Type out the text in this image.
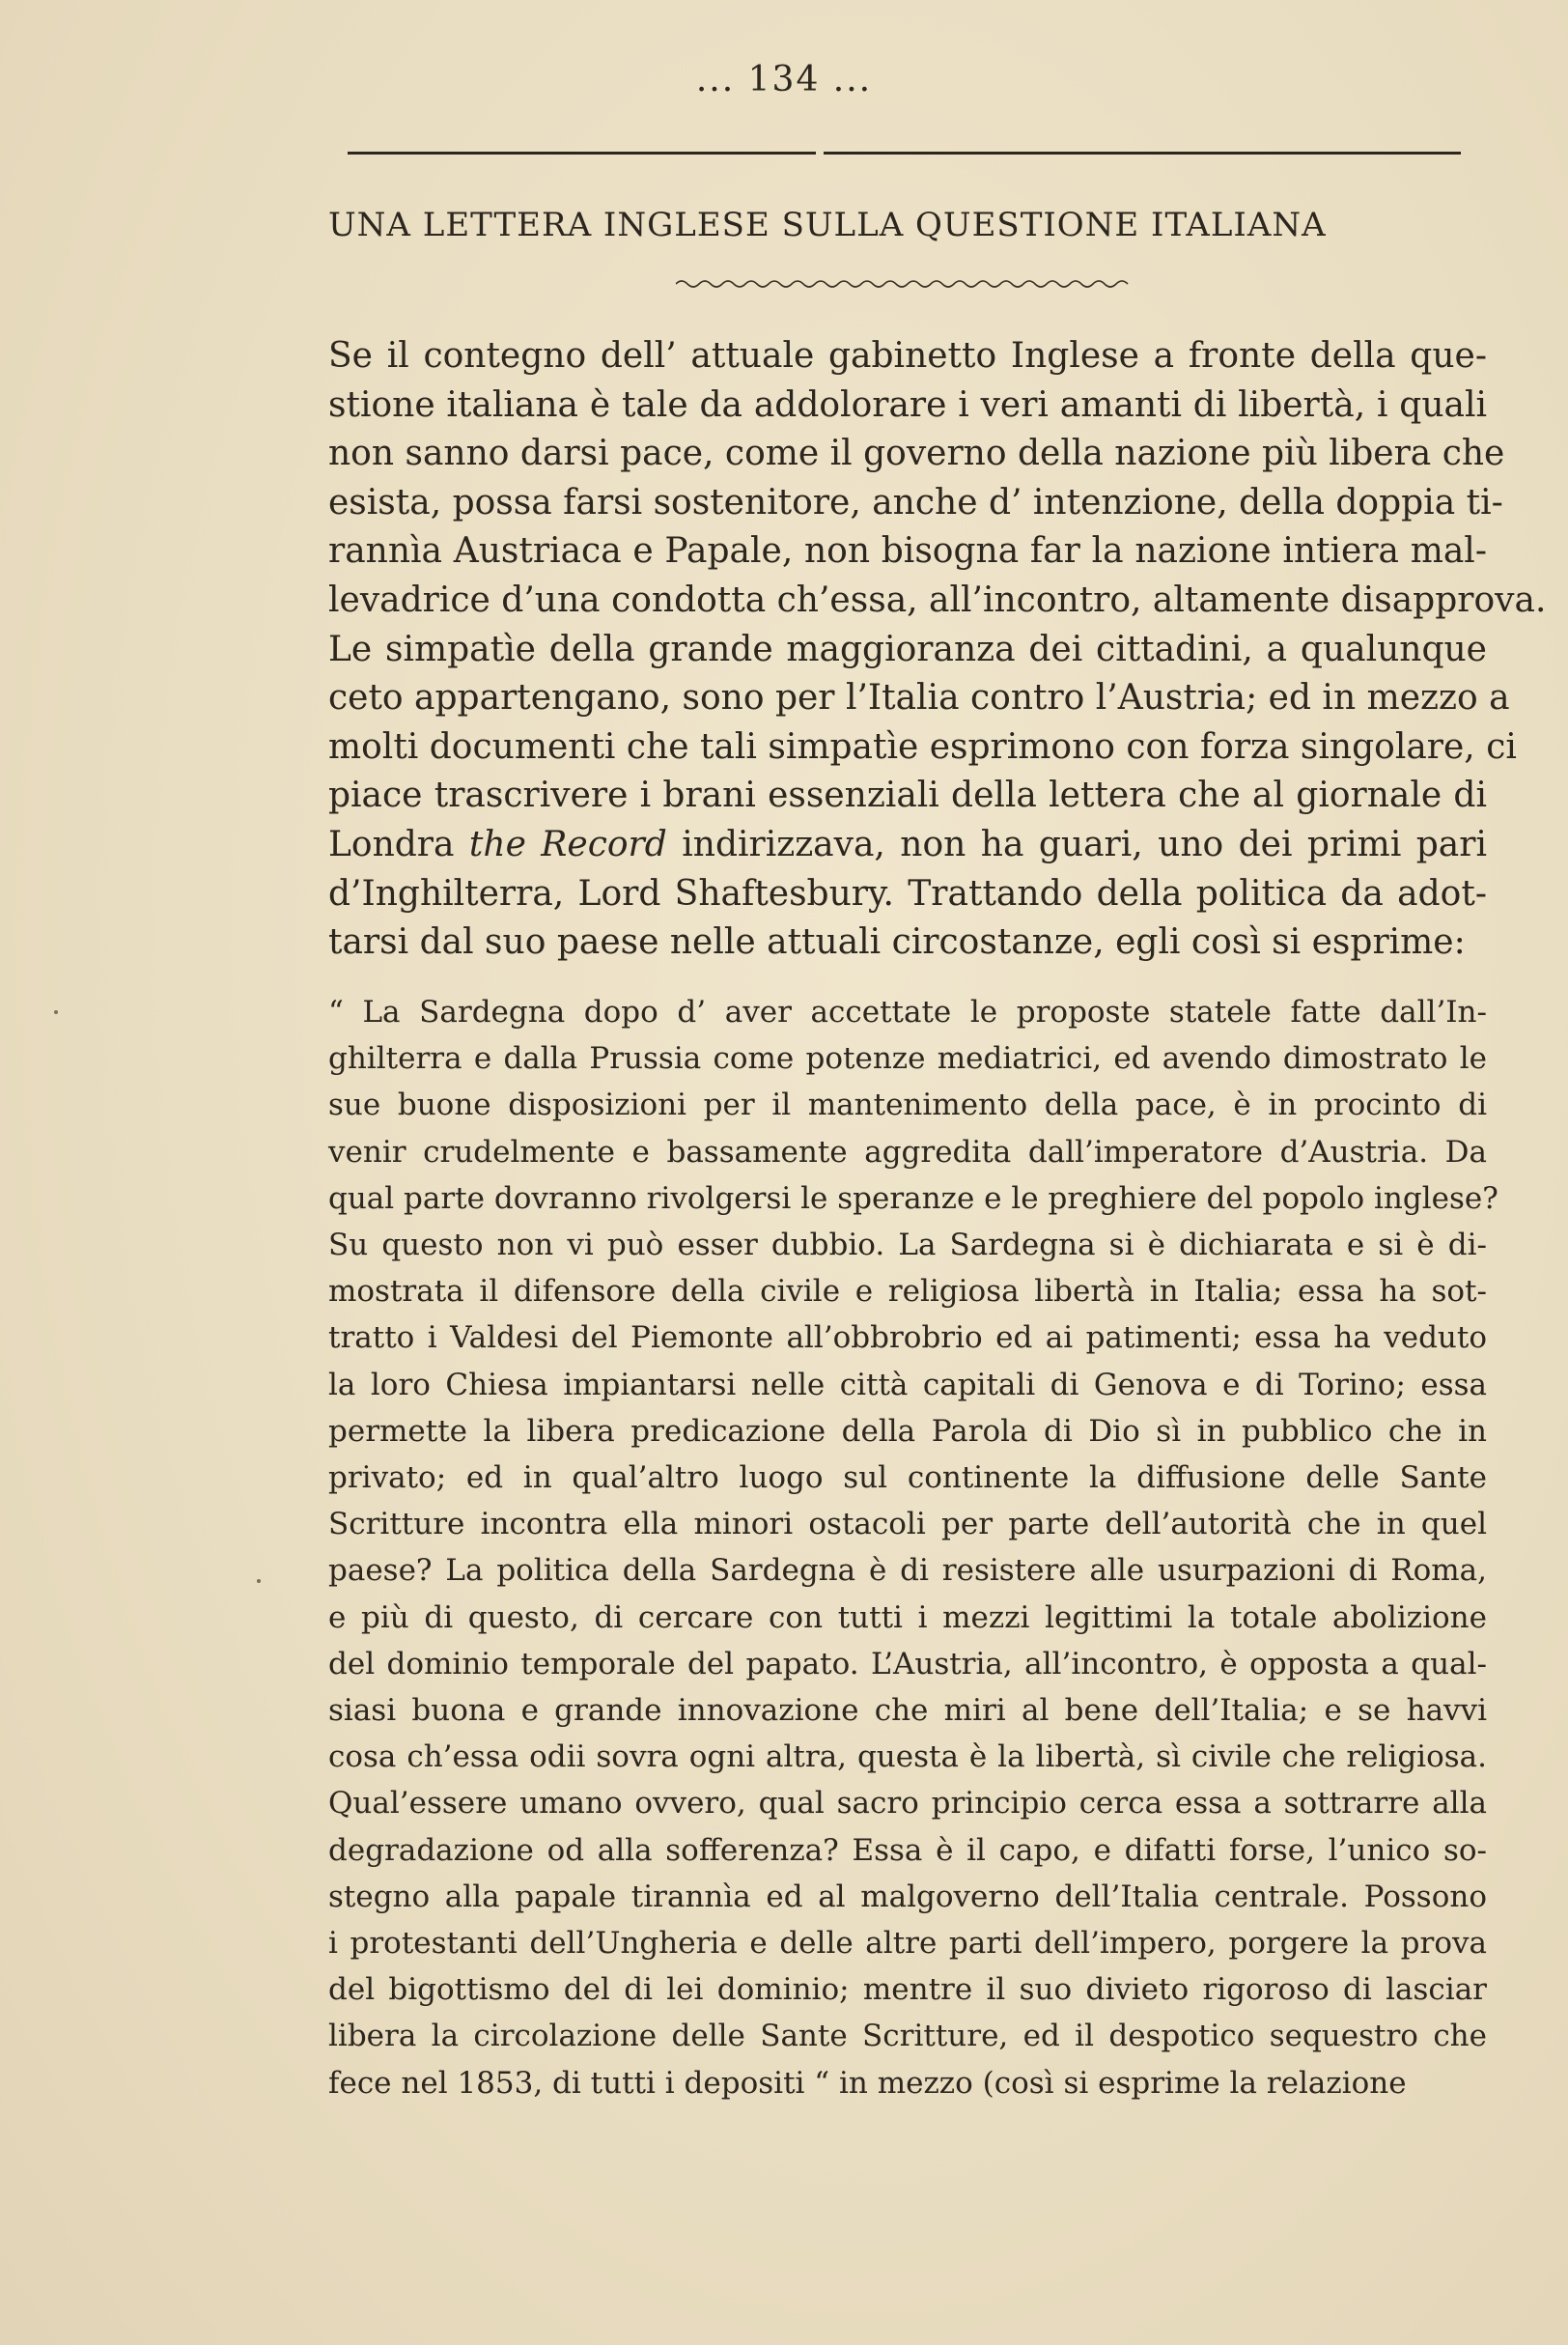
... 134 ...
UNA LETTERA INGLESE SULLA QUESTIONE ITALIANA
Se il contegno dell’ attuale gabinetto Inglese a fronte della que-
stione italiana è tale da addolorare i veri amanti di libertà, i quali
non sanno darsi pace, come il governo della nazione più libera che
esista, possa farsi sostenitore, anche d’ intenzione, della doppia ti-
rannìa Austriaca e Papale, non bisogna far la nazione intiera mal-
levadrice d’una condotta ch’essa, all’incontro, altamente disapprova.
Le simpatìe della grande maggioranza dei cittadini, a qualunque
ceto appartengano, sono per l’Italia contro l’Austria; ed in mezzo a
molti documenti che tali simpatìe esprimono con forza singolare, ci
piace trascrivere i brani essenziali della lettera che al giornale di
Londra the Record indirizzava, non ha guari, uno dei primi pari
d’Inghilterra, Lord Shaftesbury. Trattando della politica da adot-
tarsi dal suo paese nelle attuali circostanze, egli così si esprime:
“ La Sardegna dopo d’ aver accettate le proposte statele fatte dall’In-
ghilterra e dalla Prussia come potenze mediatrici, ed avendo dimostrato le
sue buone disposizioni per il mantenimento della pace, è in procinto di
venir crudelmente e bassamente aggredita dall’imperatore d’Austria. Da
qual parte dovranno rivolgersi le speranze e le preghiere del popolo inglese?
Su questo non vi può esser dubbio. La Sardegna si è dichiarata e si è di-
mostrata il difensore della civile e religiosa libertà in Italia; essa ha sot-
tratto i Valdesi del Piemonte all’obbrobrio ed ai patimenti; essa ha veduto
la loro Chiesa impiantarsi nelle città capitali di Genova e di Torino; essa
permette la libera predicazione della Parola di Dio sì in pubblico che in
privato; ed in qual’altro luogo sul continente la diffusione delle Sante
Scritture incontra ella minori ostacoli per parte dell’autorità che in quel
paese? La politica della Sardegna è di resistere alle usurpazioni di Roma,
e più di questo, di cercare con tutti i mezzi legittimi la totale abolizione
del dominio temporale del papato. L’Austria, all’incontro, è opposta a qual-
siasi buona e grande innovazione che miri al bene dell’Italia; e se havvi
cosa ch’essa odii sovra ogni altra, questa è la libertà, sì civile che religiosa.
Qual’essere umano ovvero, qual sacro principio cerca essa a sottrarre alla
degradazione od alla sofferenza? Essa è il capo, e difatti forse, l’unico so-
stegno alla papale tirannìa ed al malgoverno dell’Italia centrale. Possono
i protestanti dell’Ungheria e delle altre parti dell’impero, porgere la prova
del bigottismo del di lei dominio; mentre il suo divieto rigoroso di lasciar
libera la circolazione delle Sante Scritture, ed il despotico sequestro che
fece nel 1853, di tutti i depositi “ in mezzo (così si esprime la relazione
